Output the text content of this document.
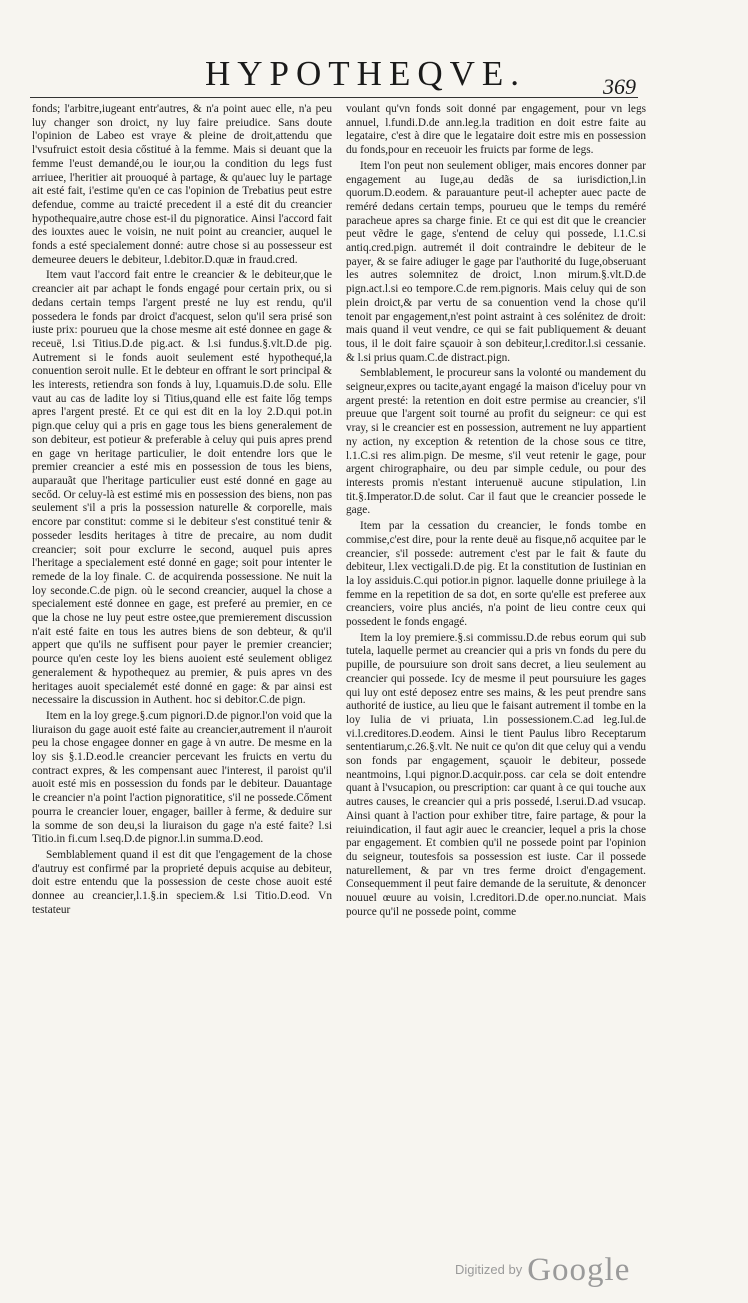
HYPOTHEQVE.	369

fonds; l'arbitre,iugeant entr'autres, & n'a point auec elle, n'a peu luy changer son droict, ny luy faire preiudice. Sans doute l'opinion de Labeo est vraye & pleine de droit,attendu que l'vsufruict estoit desia cőstitué à la femme. Mais si deuant que la femme l'eust demandé,ou le iour,ou la condition du legs fust arriuee, l'heritier ait prouoqué à partage, & qu'auec luy le partage ait esté fait, i'estime qu'en ce cas l'opinion de Trebatius peut estre defendue, comme au traicté precedent il a esté dit du creancier hypothequaire,autre chose est-il du pignoratice. Ainsi l'accord fait des iouxtes auec le voisin, ne nuit point au creancier, auquel le fonds a esté specialement donné: autre chose si au possesseur est demeuree deuers le debiteur, l.debitor.D.quæ in fraud.cred.

Item vaut l'accord fait entre le creancier & le debiteur,que le creancier ait par achapt le fonds engagé pour certain prix, ou si dedans certain temps l'argent presté ne luy est rendu, qu'il possedera le fonds par droict d'acquest, selon qu'il sera prisé son iuste prix: pourueu que la chose mesme ait esté donnee en gage & receuë, l.si Titius.D.de pig.act. & l.si fundus.§.vlt.D.de pig. Autrement si le fonds auoit seulement esté hypothequé,la conuention seroit nulle. Et le debteur en offrant le sort principal & les interests, retiendra son fonds à luy, l.quamuis.D.de solu. Elle vaut au cas de ladite loy si Titius,quand elle est faite lőg temps apres l'argent presté. Et ce qui est dit en la loy 2.D.qui pot.in pign.que celuy qui a pris en gage tous les biens generalement de son debiteur, est potieur & preferable à celuy qui puis apres prend en gage vn heritage particulier, le doit entendre lors que le premier creancier a esté mis en possession de tous les biens, auparauãt que l'heritage particulier eust esté donné en gage au secőd. Or celuy-là est estimé mis en possession des biens, non pas seulement s'il a pris la possession naturelle & corporelle, mais encore par constitut: comme si le debiteur s'est constitué tenir & posseder lesdits heritages à titre de precaire, au nom dudit creancier; soit pour exclurre le second, auquel puis apres l'heritage a specialement esté donné en gage; soit pour intenter le remede de la loy finale. C. de acquirenda possessione. Ne nuit la loy seconde.C.de pign. où le second creancier, auquel la chose a specialement esté donnee en gage, est preferé au premier, en ce que la chose ne luy peut estre ostee,que premierement discussion n'ait esté faite en tous les autres biens de son debteur, & qu'il appert que qu'ils ne suffisent pour payer le premier creancier; pource qu'en ceste loy les biens auoient esté seulement obligez generalement & hypothequez au premier, & puis apres vn des heritages auoit specialemét esté donné en gage: & par ainsi est necessaire la discussion in Authent. hoc si debitor.C.de pign.

Item en la loy grege.§.cum pignori.D.de pignor.l'on void que la liuraison du gage auoit esté faite au creancier,autrement il n'auroit peu la chose engagee donner en gage à vn autre. De mesme en la loy sis §.1.D.eod.le creancier percevant les fruicts en vertu du contract expres, & les compensant auec l'interest, il paroist qu'il auoit esté mis en possession du fonds par le debiteur. Dauantage le creancier n'a point l'action pignoratitice, s'il ne possede.Cőment pourra le creancier louer, engager, bailler à ferme, & deduire sur la somme de son deu,si la liuraison du gage n'a esté faite? l.si Titio.in fi.cum l.seq.D.de pignor.l.in summa.D.eod.

Semblablement quand il est dit que l'engagement de la chose d'autruy est confirmé par la proprieté depuis acquise au debiteur, doit estre entendu que la possession de ceste chose auoit esté donnee au creancier,l.1.§.in speciem.& l.si Titio.D.eod. Vn testateur

voulant qu'vn fonds soit donné par engagement, pour vn legs annuel, l.fundi.D.de ann.leg.la tradition en doit estre faite au legataire, c'est à dire que le legataire doit estre mis en possession du fonds,pour en receuoir les fruicts par forme de legs.

Item l'on peut non seulement obliger, mais encores donner par engagement au Iuge,au dedãs de sa iurisdiction,l.in quorum.D.eodem. & parauanture peut-il achepter auec pacte de reméré dedans certain temps, pourueu que le temps du reméré paracheue apres sa charge finie. Et ce qui est dit que le creancier peut vẽdre le gage, s'entend de celuy qui possede, l.1.C.si antiq.cred.pign. autremét il doit contraindre le debiteur de le payer, & se faire adiuger le gage par l'authorité du Iuge,obseruant les autres solemnitez de droict, l.non mirum.§.vlt.D.de pign.act.l.si eo tempore.C.de rem.pignoris. Mais celuy qui de son plein droict,& par vertu de sa conuention vend la chose qu'il tenoit par engagement,n'est point astraint à ces solénitez de droit: mais quand il veut vendre, ce qui se fait publiquement & deuant tous, il le doit faire sçauoir à son debiteur,l.creditor.l.si cessanie. & l.si prius quam.C.de distract.pign.

Semblablement, le procureur sans la volonté ou mandement du seigneur,expres ou tacite,ayant engagé la maison d'iceluy pour vn argent presté: la retention en doit estre permise au creancier, s'il preuue que l'argent soit tourné au profit du seigneur: ce qui est vray, si le creancier est en possession, autrement ne luy appartient ny action, ny exception & retention de la chose sous ce titre, l.1.C.si res alim.pign. De mesme, s'il veut retenir le gage, pour argent chirographaire, ou deu par simple cedule, ou pour des interests promis n'estant interuenuë aucune stipulation, l.in tit.§.Imperator.D.de solut. Car il faut que le creancier possede le gage.

Item par la cessation du creancier, le fonds tombe en commise,c'est dire, pour la rente deuë au fisque,nő acquitee par le creancier, s'il possede: autrement c'est par le fait & faute du debiteur, l.lex vectigali.D.de pig. Et la constitution de Iustinian en la loy assiduis.C.qui potior.in pignor. laquelle donne priuilege à la femme en la repetition de sa dot, en sorte qu'elle est preferee aux creanciers, voire plus anciés, n'a point de lieu contre ceux qui possedent le fonds engagé.

Item la loy premiere.§.si commissu.D.de rebus eorum qui sub tutela, laquelle permet au creancier qui a pris vn fonds du pere du pupille, de poursuiure son droit sans decret, a lieu seulement au creancier qui possede. Icy de mesme il peut poursuiure les gages qui luy ont esté deposez entre ses mains, & les peut prendre sans authorité de iustice, au lieu que le faisant autrement il tombe en la loy Iulia de vi priuata, l.in possessionem.C.ad leg.Iul.de vi.l.creditores.D.eodem. Ainsi le tient Paulus libro Receptarum sententiarum,c.26.§.vlt. Ne nuit ce qu'on dit que celuy qui a vendu son fonds par engagement, sçauoir le debiteur, possede neantmoins, l.qui pignor.D.acquir.poss. car cela se doit entendre quant à l'vsucapion, ou prescription: car quant à ce qui touche aux autres causes, le creancier qui a pris possedé, l.serui.D.ad vsucap. Ainsi quant à l'action pour exhiber titre, faire partage, & pour la reiuindication, il faut agir auec le creancier, lequel a pris la chose par engagement. Et combien qu'il ne possede point par l'opinion du seigneur, toutesfois sa possession est iuste. Car il possede naturellement, & par vn tres ferme droict d'engagement. Consequemment il peut faire demande de la seruitute, & denoncer nouuel œuure au voisin, l.creditori.D.de oper.no.nunciat. Mais pource qu'il ne possede point, comme

$^{Digitized by}$ Google
